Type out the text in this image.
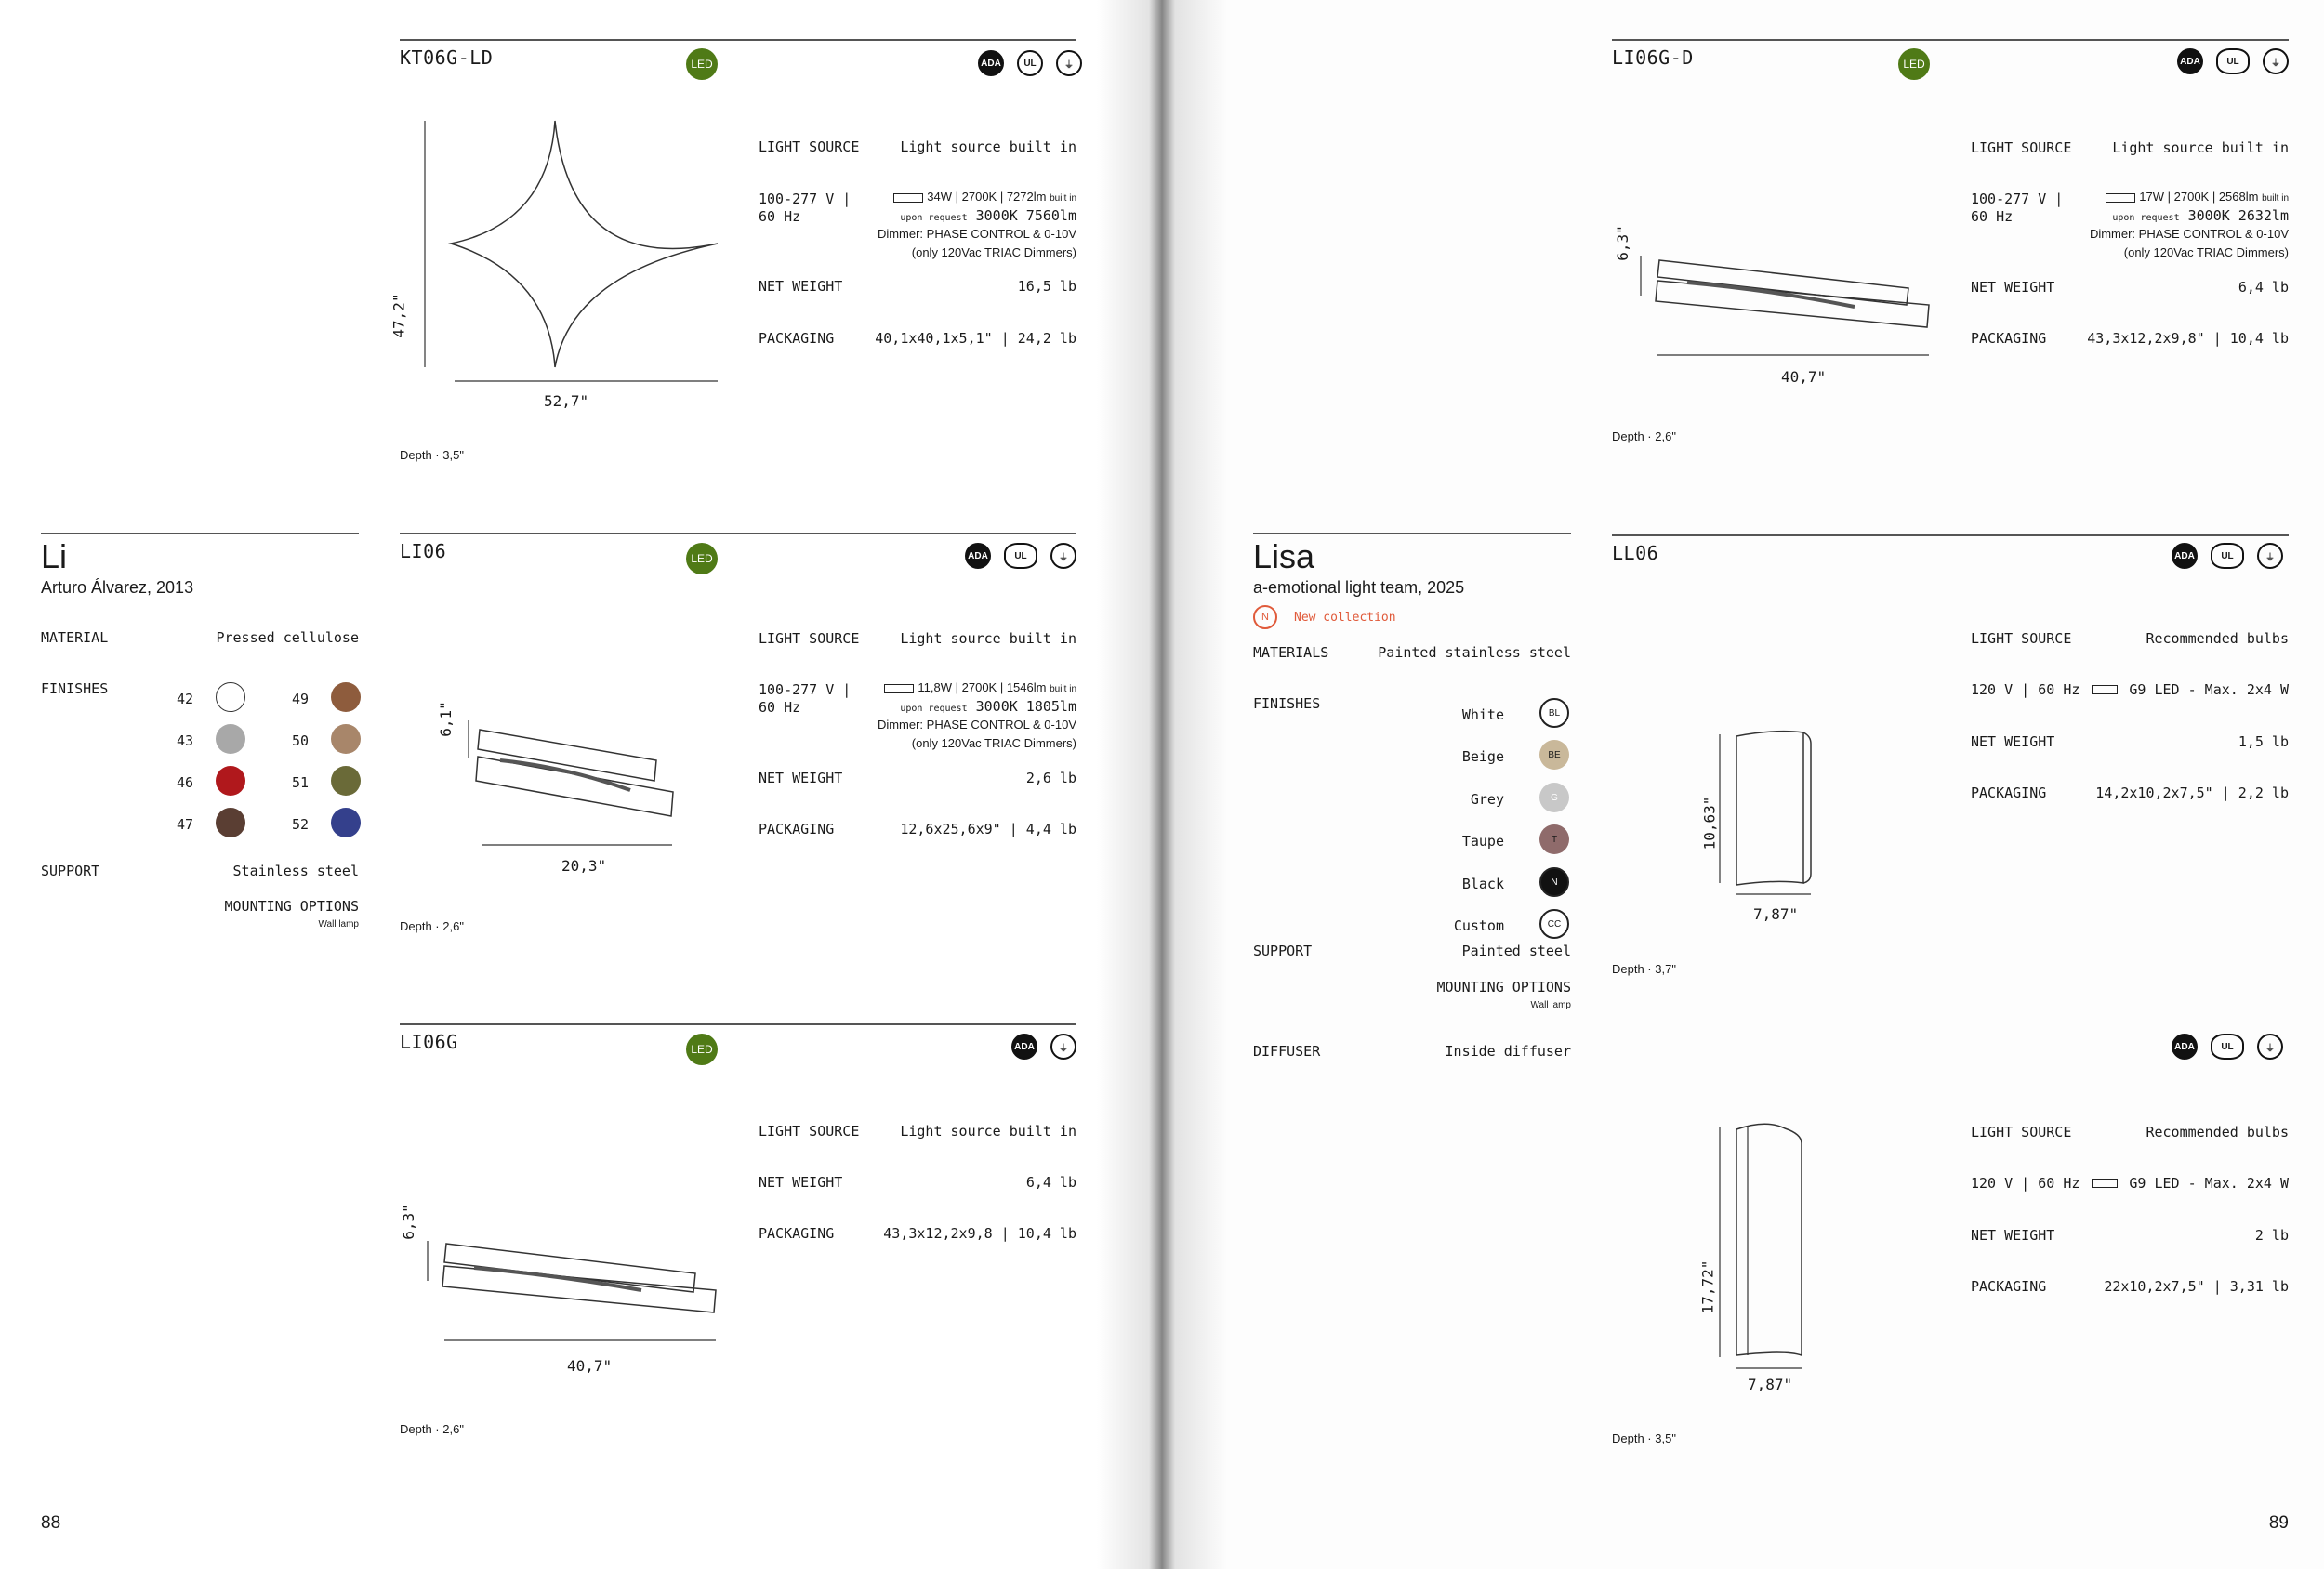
KT06G-LD	LED	ADA	UL	⏚
47,2"
52,7"
Depth · 3,5"
LIGHT SOURCE	Light source built in
100-277 V |
60 Hz
34W | 2700K | 7272lm built in
upon request 3000K 7560lm
Dimmer: PHASE CONTROL & 0-10V
(only 120Vac TRIAC Dimmers)
NET WEIGHT	16,5 lb
PACKAGING	40,1x40,1x5,1" | 24,2 lb
Li
Arturo Álvarez, 2013
MATERIAL	Pressed cellulose
FINISHES
42	49
43	50
46	51
47	52
SUPPORT	Stainless steel
MOUNTING OPTIONS
Wall lamp
LI06	LED	ADA	UL	⏚
6,1"
20,3"
Depth · 2,6"
LIGHT SOURCE	Light source built in
100-277 V |
60 Hz
11,8W | 2700K | 1546lm built in
upon request 3000K 1805lm
Dimmer: PHASE CONTROL & 0-10V
(only 120Vac TRIAC Dimmers)
NET WEIGHT	2,6 lb
PACKAGING	12,6x25,6x9" | 4,4 lb
LI06G	LED	ADA	⏚
6,3"
40,7"
Depth · 2,6"
LIGHT SOURCE	Light source built in
NET WEIGHT	6,4 lb
PACKAGING	43,3x12,2x9,8 | 10,4 lb
88
LI06G-D	LED	ADA	UL	⏚
6,3"
40,7"
Depth · 2,6"
LIGHT SOURCE	Light source built in
100-277 V |
60 Hz
17W | 2700K | 2568lm built in
upon request 3000K 2632lm
Dimmer: PHASE CONTROL & 0-10V
(only 120Vac TRIAC Dimmers)
NET WEIGHT	6,4 lb
PACKAGING	43,3x12,2x9,8" | 10,4 lb
Lisa
a-emotional light team, 2025
N	New collection
MATERIALS	Painted stainless steel
FINISHES
White	BL
Beige	BE
Grey	G
Taupe	T
Black	N
Custom	CC
SUPPORT	Painted steel
MOUNTING OPTIONS
Wall lamp
DIFFUSER	Inside diffuser
LL06	ADA	UL	⏚
10,63"
7,87"
Depth · 3,7"
LIGHT SOURCE	Recommended bulbs
120 V | 60 Hz	G9 LED - Max. 2x4 W
NET WEIGHT	1,5 lb
PACKAGING	14,2x10,2x7,5" | 2,2 lb
ADA	UL	⏚
17,72"
7,87"
Depth · 3,5"
LIGHT SOURCE	Recommended bulbs
120 V | 60 Hz	G9 LED - Max. 2x4 W
NET WEIGHT	2 lb
PACKAGING	22x10,2x7,5" | 3,31 lb
89
